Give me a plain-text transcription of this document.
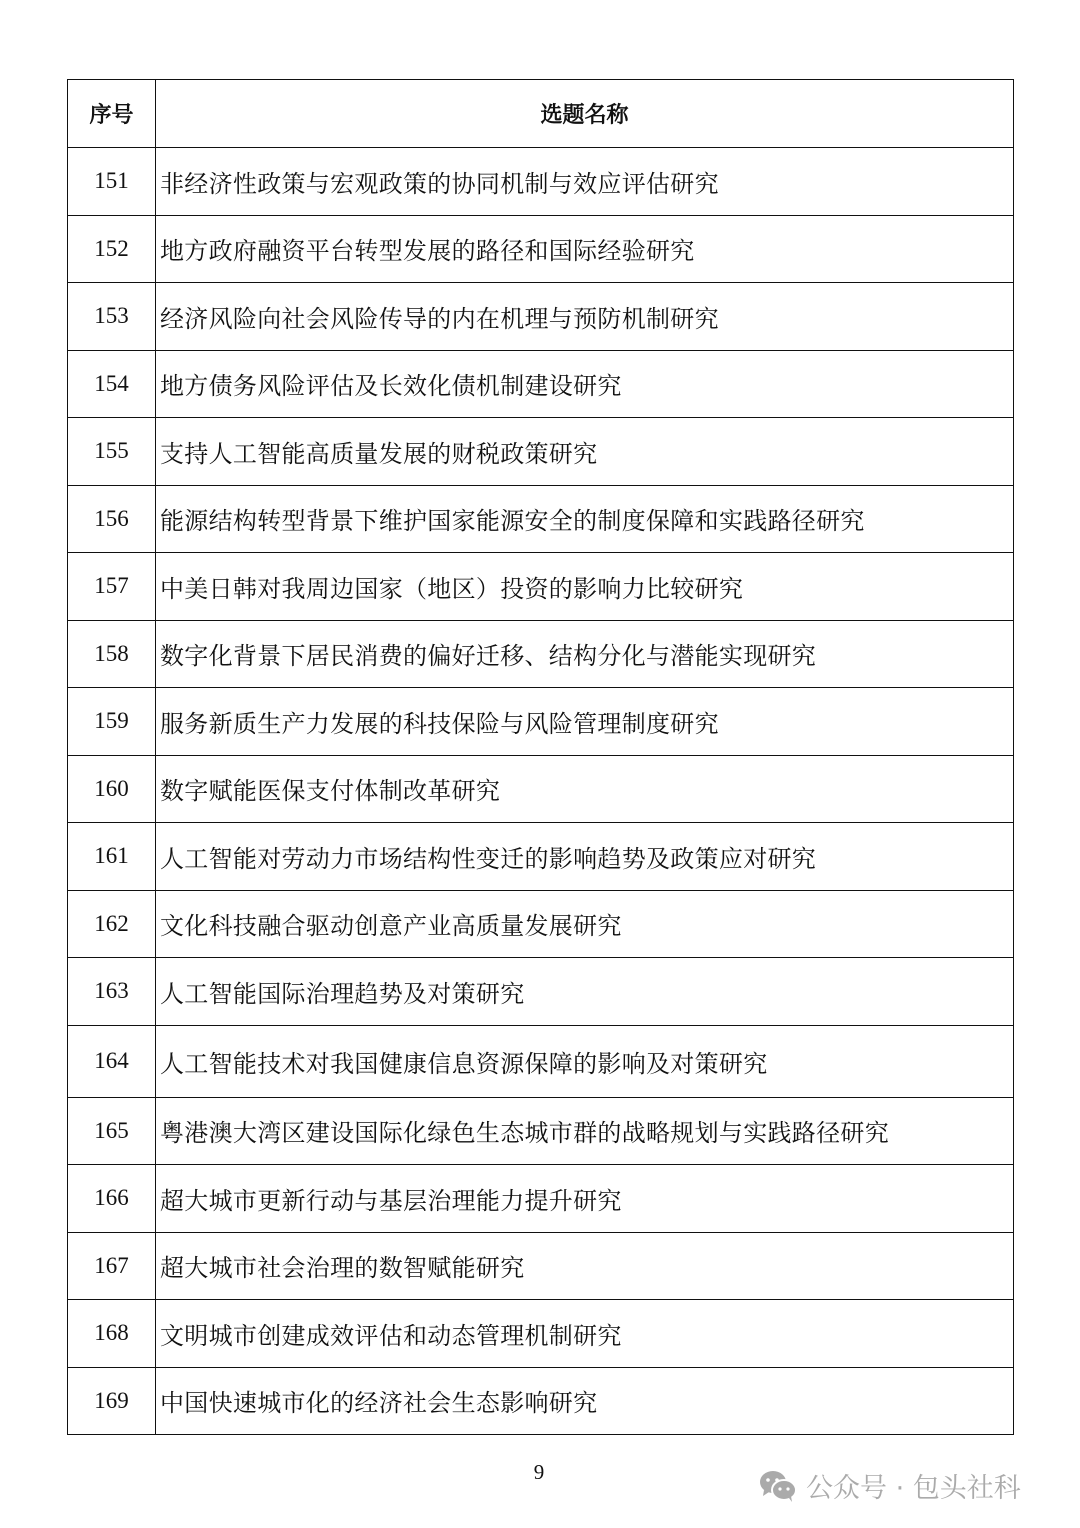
序号	选题名称
151	非经济性政策与宏观政策的协同机制与效应评估研究
152	地方政府融资平台转型发展的路径和国际经验研究
153	经济风险向社会风险传导的内在机理与预防机制研究
154	地方债务风险评估及长效化债机制建设研究
155	支持人工智能高质量发展的财税政策研究
156	能源结构转型背景下维护国家能源安全的制度保障和实践路径研究
157	中美日韩对我周边国家（地区）投资的影响力比较研究
158	数字化背景下居民消费的偏好迁移、结构分化与潜能实现研究
159	服务新质生产力发展的科技保险与风险管理制度研究
160	数字赋能医保支付体制改革研究
161	人工智能对劳动力市场结构性变迁的影响趋势及政策应对研究
162	文化科技融合驱动创意产业高质量发展研究
163	人工智能国际治理趋势及对策研究
164	人工智能技术对我国健康信息资源保障的影响及对策研究
165	粤港澳大湾区建设国际化绿色生态城市群的战略规划与实践路径研究
166	超大城市更新行动与基层治理能力提升研究
167	超大城市社会治理的数智赋能研究
168	文明城市创建成效评估和动态管理机制研究
169	中国快速城市化的经济社会生态影响研究
9
公众号 · 包头社科
